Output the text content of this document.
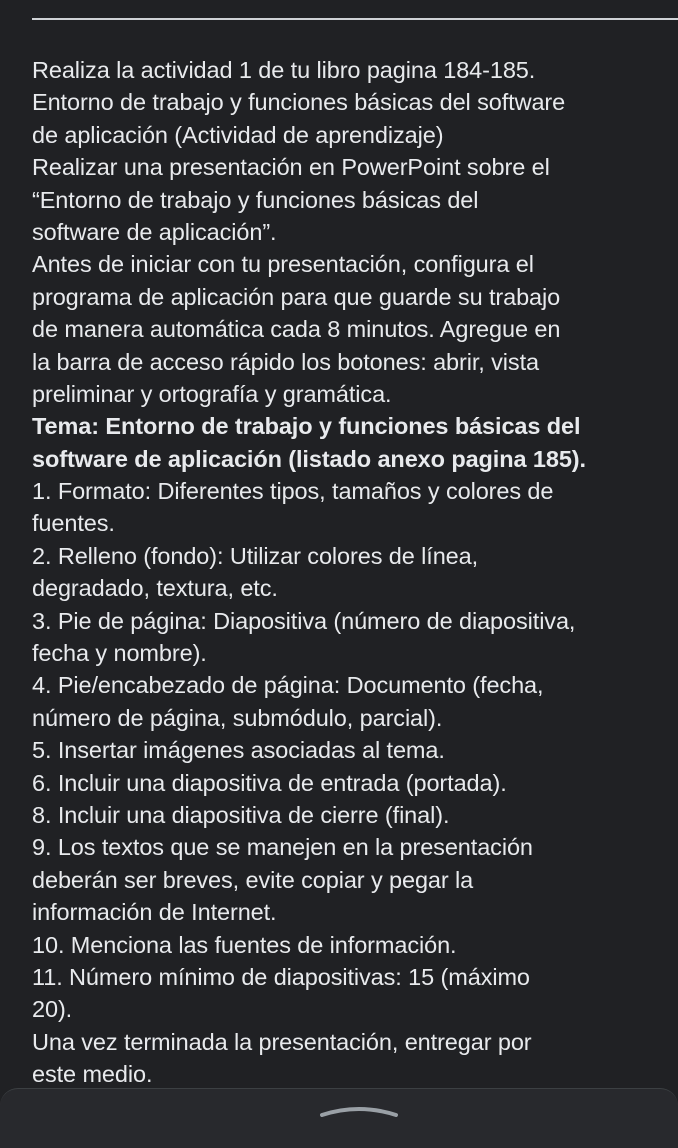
Realiza la actividad 1 de tu libro pagina 184-185.
Entorno de trabajo y funciones básicas del software
de aplicación (Actividad de aprendizaje)
Realizar una presentación en PowerPoint sobre el
“Entorno de trabajo y funciones básicas del
software de aplicación”.
Antes de iniciar con tu presentación, configura el
programa de aplicación para que guarde su trabajo
de manera automática cada 8 minutos. Agregue en
la barra de acceso rápido los botones: abrir, vista
preliminar y ortografía y gramática.
Tema: Entorno de trabajo y funciones básicas del
software de aplicación (listado anexo pagina 185).
1. Formato: Diferentes tipos, tamaños y colores de
fuentes.
2. Relleno (fondo): Utilizar colores de línea,
degradado, textura, etc.
3. Pie de página: Diapositiva (número de diapositiva,
fecha y nombre).
4. Pie/encabezado de página: Documento (fecha,
número de página, submódulo, parcial).
5. Insertar imágenes asociadas al tema.
6. Incluir una diapositiva de entrada (portada).
8. Incluir una diapositiva de cierre (final).
9. Los textos que se manejen en la presentación
deberán ser breves, evite copiar y pegar la
información de Internet.
10. Menciona las fuentes de información.
11. Número mínimo de diapositivas: 15 (máximo
20).
Una vez terminada la presentación, entregar por
este medio.
